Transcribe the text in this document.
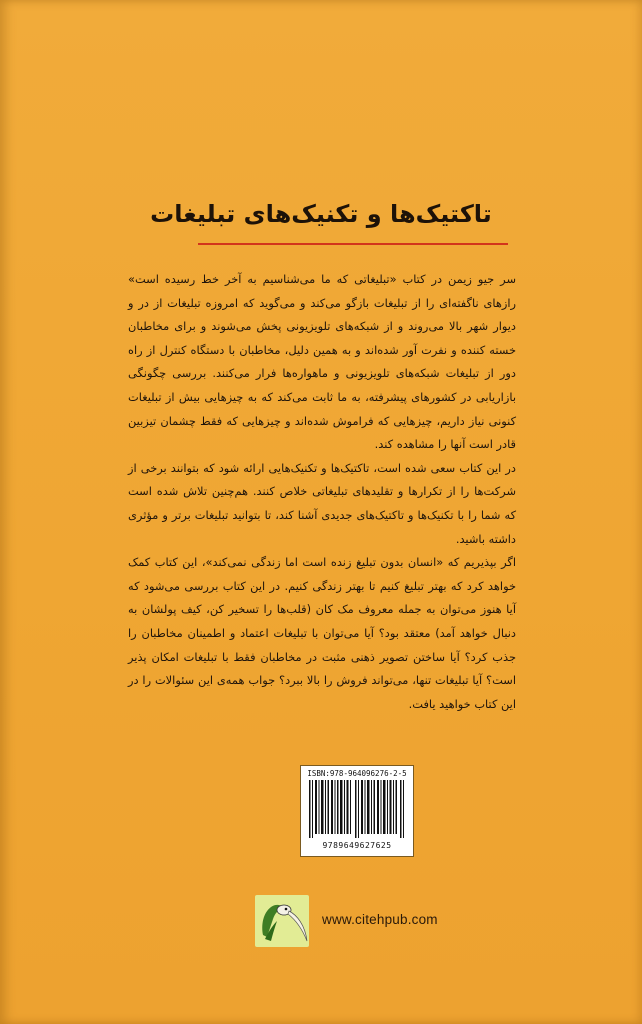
تاکتیک‌ها و تکنیک‌های تبلیغات

سر جیو زیمن در کتاب «تبلیغاتی که ما می‌شناسیم به آخر خط رسیده است» رازهای ناگفته‌ای را از تبلیغات بازگو می‌کند و می‌گوید که امروزه تبلیغات از در و دیوار شهر بالا می‌روند و از شبکه‌های تلویزیونی پخش می‌شوند و برای مخاطبان خسته کننده و نفرت آور شده‌اند و به همین دلیل، مخاطبان با دستگاه کنترل از راه دور از تبلیغات شبکه‌های تلویزیونی و ماهواره‌ها فرار می‌کنند. بررسی چگونگی بازاریابی در کشورهای پیشرفته، به ما ثابت می‌کند که به چیزهایی بیش از تبلیغات کنونی نیاز داریم، چیزهایی که فراموش شده‌اند و چیزهایی که فقط چشمان تیزبین قادر است آنها را مشاهده کند.

در این کتاب سعی شده است، تاکتیک‌ها و تکنیک‌هایی ارائه شود که بتوانند برخی از شرکت‌ها را از تکرارها و تقلیدهای تبلیغاتی خلاص کنند. هم‌چنین تلاش شده است که شما را با تکنیک‌ها و تاکتیک‌های جدیدی آشنا کند، تا بتوانید تبلیغات برتر و مؤثری داشته باشید.

اگر بپذیریم که «انسان بدون تبلیغ زنده است اما زندگی نمی‌کند»، این کتاب کمک خواهد کرد که بهتر تبلیغ کنیم تا بهتر زندگی کنیم. در این کتاب بررسی می‌شود که آیا هنوز می‌توان به جمله معروف مک کان (قلب‌ها را تسخیر کن، کیف پولشان به دنبال خواهد آمد) معتقد بود؟ آیا می‌توان با تبلیغات اعتماد و اطمینان مخاطبان را جذب کرد؟ آیا ساختن تصویر ذهنی مثبت در مخاطبان فقط با تبلیغات امکان پذیر است؟ آیا تبلیغات تنها، می‌تواند فروش را بالا ببرد؟ جواب همه‌ی این سئوالات را در این کتاب خواهید یافت.

ISBN:978-964096276-2-5
9789649627625
www.citehpub.com
